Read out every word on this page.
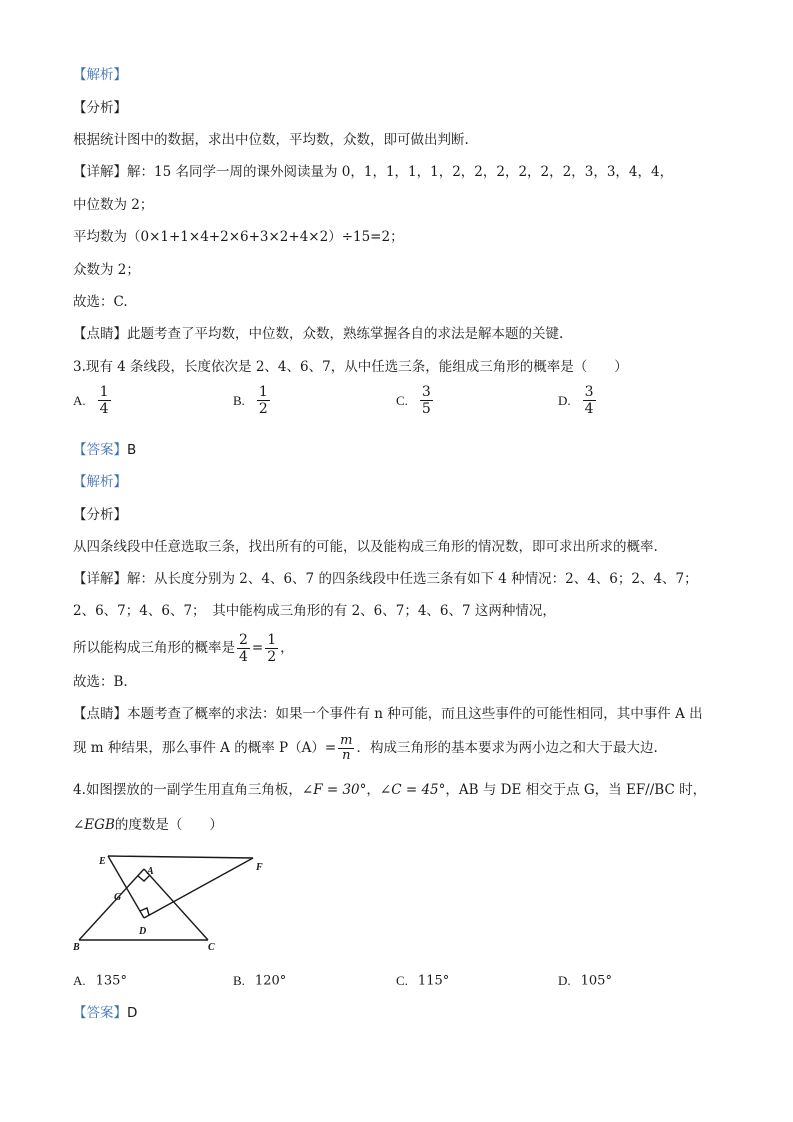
【解析】
【分析】
根据统计图中的数据，求出中位数，平均数，众数，即可做出判断.
【详解】解：15 名同学一周的课外阅读量为 0，1，1，1，1，2，2，2，2，2，2，3，3，4，4，
中位数为 2；
平均数为（0×1+1×4+2×6+3×2+4×2）÷15=2；
众数为 2；
故选：C.
【点睛】此题考查了平均数，中位数，众数，熟练掌握各自的求法是解本题的关键.
3.现有 4 条线段，长度依次是 2、4、6、7，从中任选三条，能组成三角形的概率是（　　）
A. $\frac{1}{4}$	B. $\frac{1}{2}$	C. $\frac{3}{5}$	D. $\frac{3}{4}$
【答案】B
【解析】
【分析】
从四条线段中任意选取三条，找出所有的可能，以及能构成三角形的情况数，即可求出所求的概率.
【详解】解：从长度分别为 2、4、6、7 的四条线段中任选三条有如下 4 种情况：2、4、6；2、4、7；
2、6、7；4、6、7；　其中能构成三角形的有 2、6、7；4、6、7 这两种情况，
所以能构成三角形的概率是 $\frac{2}{4} = \frac{1}{2}$ ，
故选：B.
【点睛】本题考查了概率的求法：如果一个事件有 n 种可能，而且这些事件的可能性相同，其中事件 A 出
现 m 种结果，那么事件 A 的概率 $P(A)= \frac{m}{n}$ ．构成三角形的基本要求为两小边之和大于最大边.
4.如图摆放的一副学生用直角三角板，∠F = 30°，∠C = 45°，AB 与 DE 相交于点 G，当 EF//BC 时，
∠EGB的度数是（　　）
E
F
A
G
D
B	C
A. 135°	B. 120°	C. 115°	D. 105°
【答案】D
